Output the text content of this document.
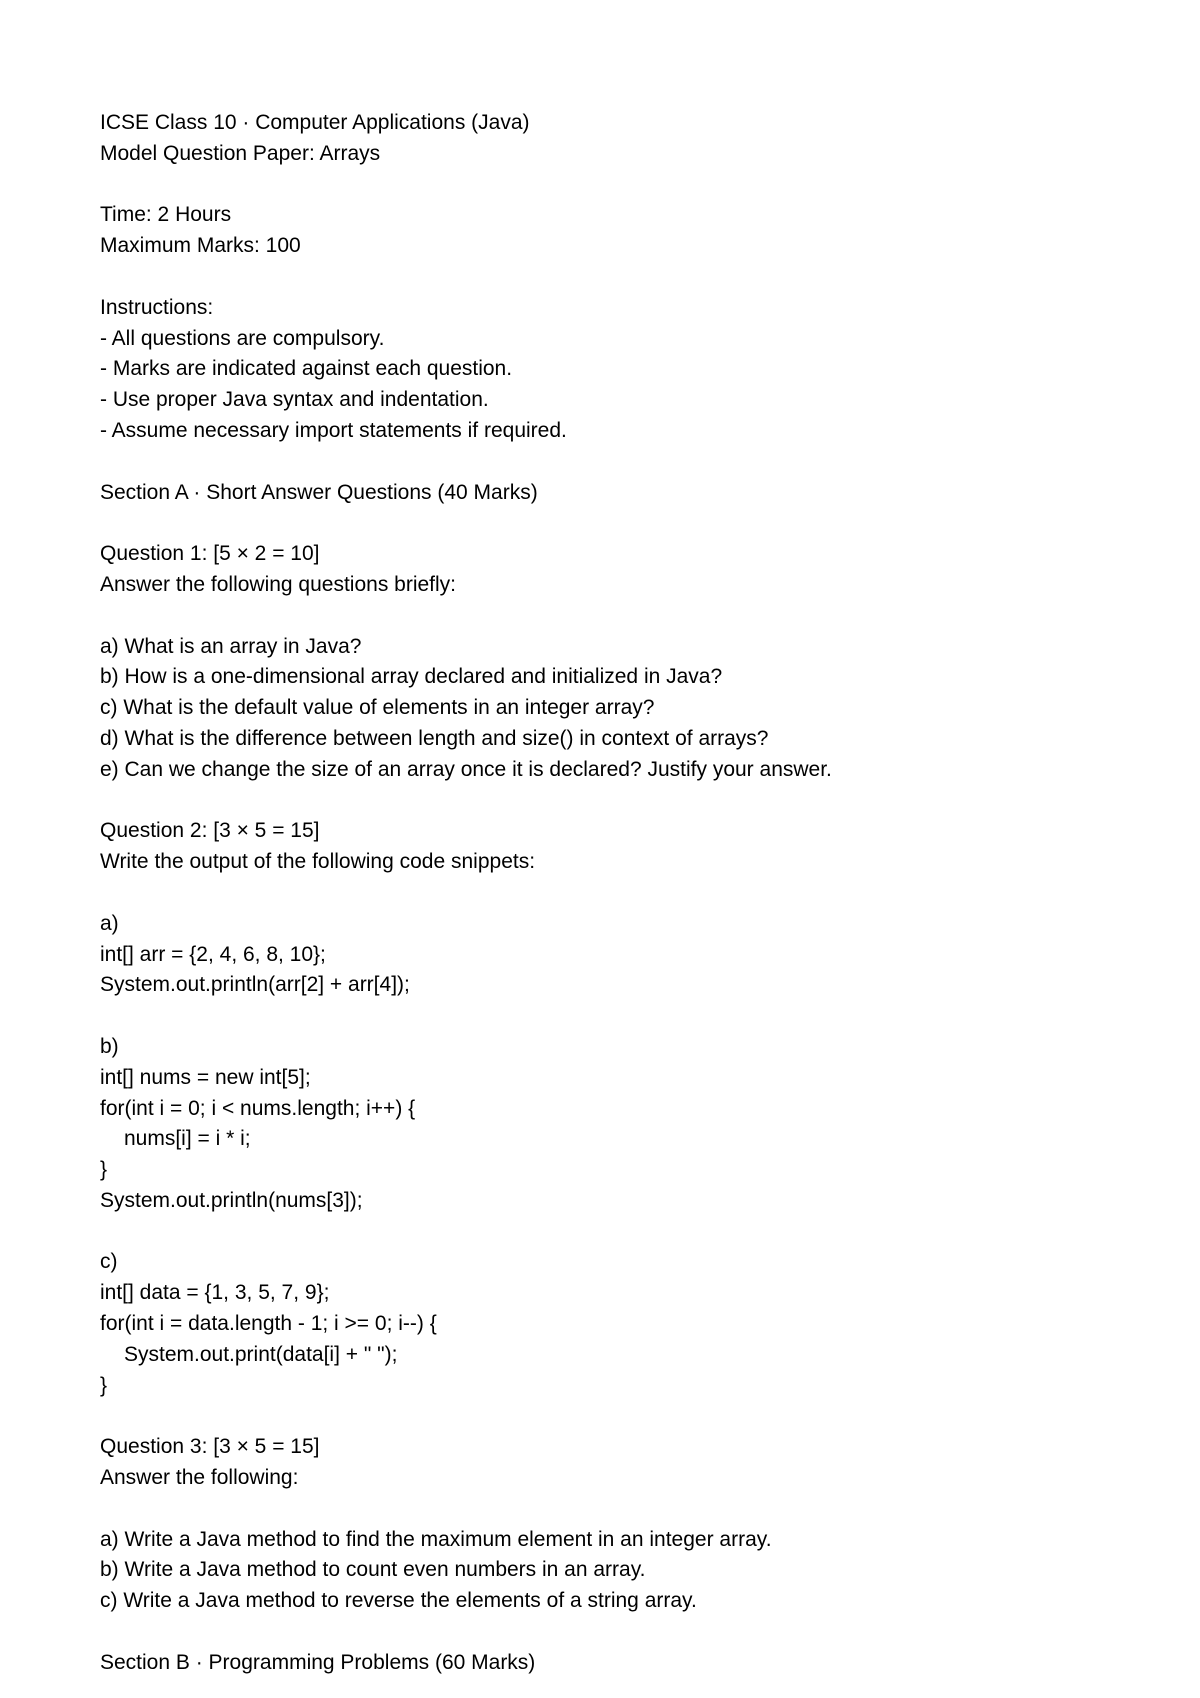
ICSE Class 10 · Computer Applications (Java)
Model Question Paper: Arrays
Time: 2 Hours
Maximum Marks: 100
Instructions:
- All questions are compulsory.
- Marks are indicated against each question.
- Use proper Java syntax and indentation.
- Assume necessary import statements if required.
Section A · Short Answer Questions (40 Marks)
Question 1: [5 × 2 = 10]
Answer the following questions briefly:
a) What is an array in Java?
b) How is a one-dimensional array declared and initialized in Java?
c) What is the default value of elements in an integer array?
d) What is the difference between length and size() in context of arrays?
e) Can we change the size of an array once it is declared? Justify your answer.
Question 2: [3 × 5 = 15]
Write the output of the following code snippets:
a)
int[] arr = {2, 4, 6, 8, 10};
System.out.println(arr[2] + arr[4]);
b)
int[] nums = new int[5];
for(int i = 0; i < nums.length; i++) {
nums[i] = i * i;
}
System.out.println(nums[3]);
c)
int[] data = {1, 3, 5, 7, 9};
for(int i = data.length - 1; i >= 0; i--) {
System.out.print(data[i] + " ");
}
Question 3: [3 × 5 = 15]
Answer the following:
a) Write a Java method to find the maximum element in an integer array.
b) Write a Java method to count even numbers in an array.
c) Write a Java method to reverse the elements of a string array.
Section B · Programming Problems (60 Marks)
